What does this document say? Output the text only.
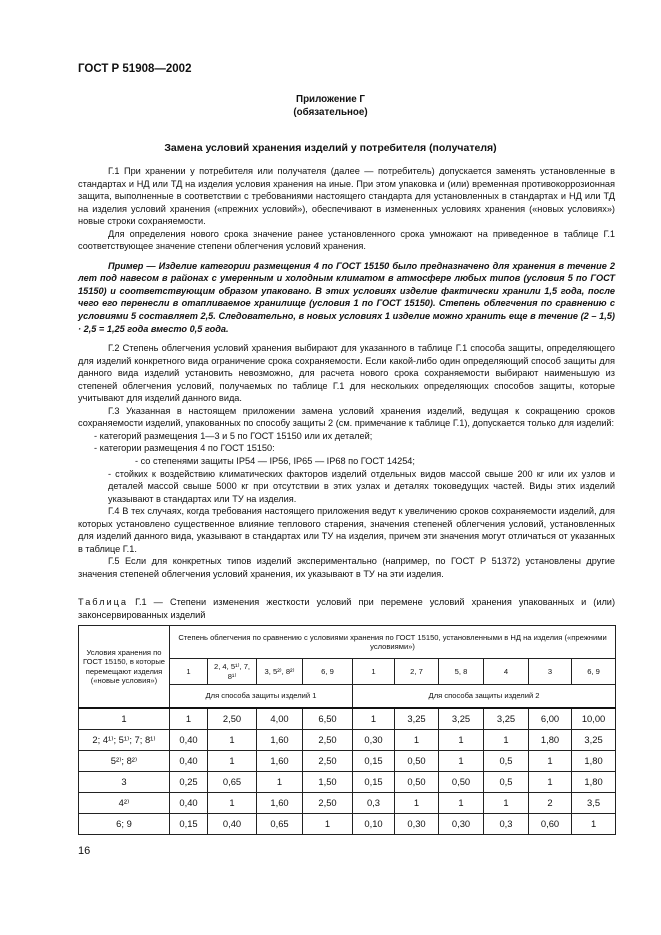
ГОСТ Р 51908—2002
Приложение Г
(обязательное)
Замена условий хранения изделий у потребителя (получателя)

Г.1 При хранении у потребителя или получателя (далее — потребитель) допускается заменять установленные в стандартах и НД или ТД на изделия условия хранения на иные. При этом упаковка и (или) временная противокоррозионная защита, выполненные в соответствии с требованиями настоящего стандарта для установленных в стандартах и НД или ТД на изделия условий хранения («прежних условий»), обеспечивают в измененных условиях хранения («новых условиях») новые строки сохраняемости.

Для определения нового срока значение ранее установленного срока умножают на приведенное в таблице Г.1 соответствующее значение степени облегчения условий хранения.

Пример — Изделие категории размещения 4 по ГОСТ 15150 было предназначено для хранения в течение 2 лет под навесом в районах с умеренным и холодным климатом в атмосфере любых типов (условия 5 по ГОСТ 15150) и соответствующим образом упаковано. В этих условиях изделие фактически хранили 1,5 года, после чего его перенесли в отапливаемое хранилище (условия 1 по ГОСТ 15150). Степень облегчения по сравнению с условиями 5 составляет 2,5. Следовательно, в новых условиях 1 изделие можно хранить еще в течение (2 – 1,5) · 2,5 = 1,25 года вместо 0,5 года.

Г.2 Степень облегчения условий хранения выбирают для указанного в таблице Г.1 способа защиты, определяющего для изделий конкретного вида ограничение срока сохраняемости. Если какой-либо один определяющий способ защиты для данного вида изделий установить невозможно, для расчета нового срока сохраняемости выбирают наименьшую из степеней облегчения условий, получаемых по таблице Г.1 для нескольких определяющих способов защиты, которые учитывают для изделий данного вида.

Г.3 Указанная в настоящем приложении замена условий хранения изделий, ведущая к сокращению сроков сохраняемости изделий, упакованных по способу защиты 2 (см. примечание к таблице Г.1), допускается только для изделий:

- категорий размещения 1—3 и 5 по ГОСТ 15150 или их деталей;

- категории размещения 4 по ГОСТ 15150:

- со степенями защиты IP54 — IP56, IP65 — IP68 по ГОСТ 14254;

- стойких к воздействию климатических факторов изделий отдельных видов массой свыше 200 кг или их узлов и деталей массой свыше 5000 кг при отсутствии в этих узлах и деталях токоведущих частей. Виды этих изделий указывают в стандартах или ТУ на изделия.

Г.4 В тех случаях, когда требования настоящего приложения ведут к увеличению сроков сохраняемости изделий, для которых установлено существенное влияние теплового старения, значения степеней облегчения условий, установленных для изделий данного вида, указывают в стандартах или ТУ на изделия, причем эти значения могут отличаться от указанных в таблице Г.1.

Г.5 Если для конкретных типов изделий экспериментально (например, по ГОСТ Р 51372) установлены другие значения степеней облегчения условий хранения, их указывают в ТУ на эти изделия.

Таблица Г.1 — Степени изменения жесткости условий при перемене условий хранения упакованных и (или) законсервированных изделий
Условия хранения по ГОСТ 15150, в которые перемещают изделия («новые условия»)	Степень облегчения по сравнению с условиями хранения по ГОСТ 15150, установленными в НД на изделия («прежними условиями»)									
	1	2, 4, 5¹⁾, 7, 8¹⁾	3, 5²⁾, 8²⁾	6, 9	1	2, 7	5, 8	4	3	6, 9
	Для способа защиты изделий 1				Для способа защиты изделий 2					
1	1	2,50	4,00	6,50	1	3,25	3,25	3,25	6,00	10,00
2; 4¹⁾; 5¹⁾; 7; 8¹⁾	0,40	1	1,60	2,50	0,30	1	1	1	1,80	3,25
5²⁾; 8²⁾	0,40	1	1,60	2,50	0,15	0,50	1	0,5	1	1,80
3	0,25	0,65	1	1,50	0,15	0,50	0,50	0,5	1	1,80
4²⁾	0,40	1	1,60	2,50	0,3	1	1	1	2	3,5
6; 9	0,15	0,40	0,65	1	0,10	0,30	0,30	0,3	0,60	1
16
